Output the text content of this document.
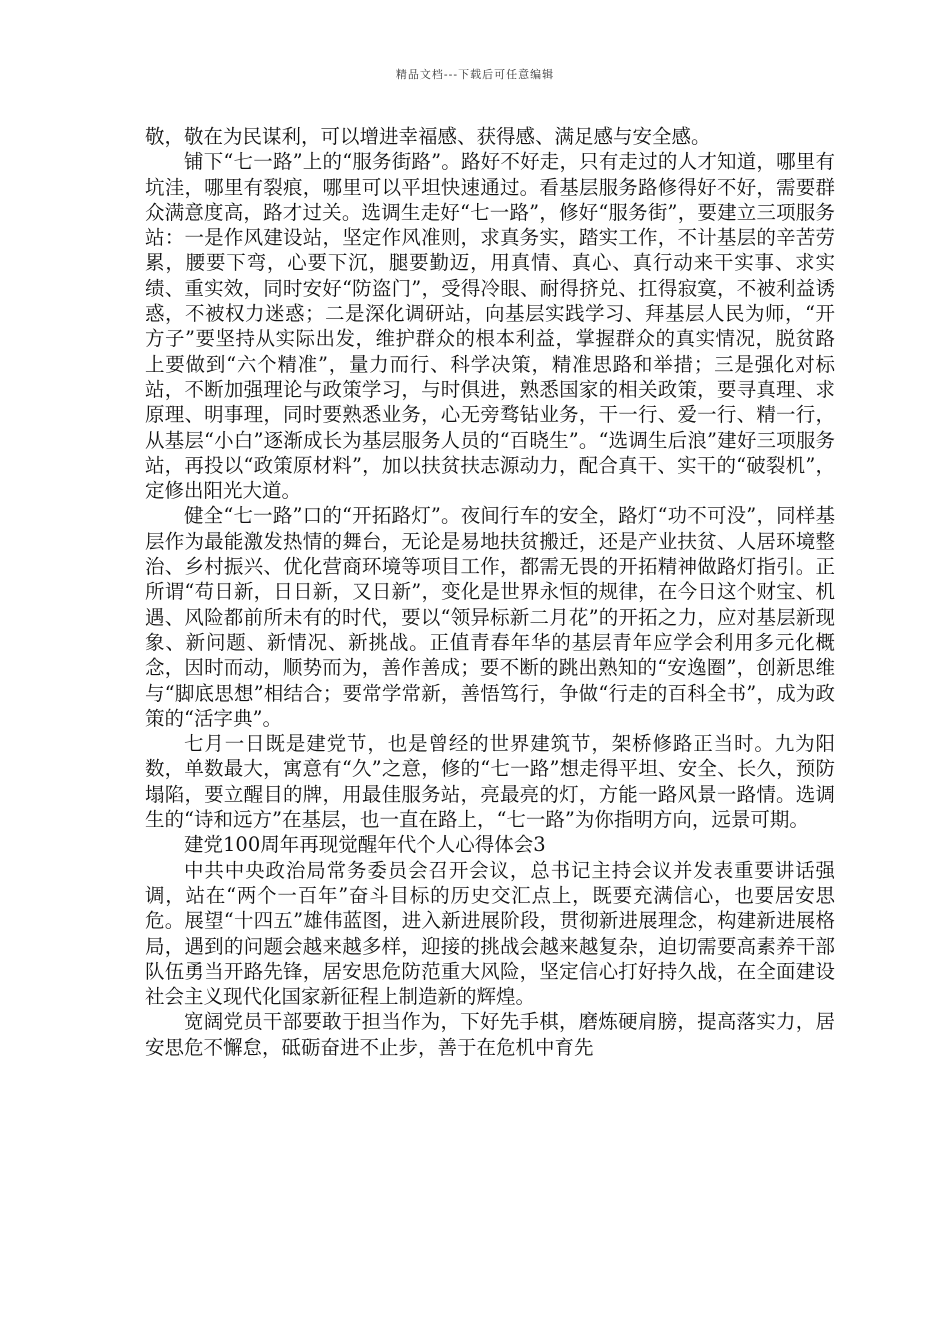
精品文档---下载后可任意编辑

敬，敬在为民谋利，可以增进幸福感、获得感、满足感与安全感。

铺下“七一路”上的“服务街路”。路好不好走，只有走过的人才知道，哪里有坑洼，哪里有裂痕，哪里可以平坦快速通过。看基层服务路修得好不好，需要群众满意度高，路才过关。选调生走好“七一路”，修好“服务街”，要建立三项服务站：一是作风建设站，坚定作风准则，求真务实，踏实工作，不计基层的辛苦劳累，腰要下弯，心要下沉，腿要勤迈，用真情、真心、真行动来干实事、求实绩、重实效，同时安好“防盗门”，受得冷眼、耐得挤兑、扛得寂寞，不被利益诱惑，不被权力迷惑；二是深化调研站，向基层实践学习、拜基层人民为师，“开方子”要坚持从实际出发，维护群众的根本利益，掌握群众的真实情况，脱贫路上要做到“六个精准”，量力而行、科学决策，精准思路和举措；三是强化对标站，不断加强理论与政策学习，与时俱进，熟悉国家的相关政策，要寻真理、求原理、明事理，同时要熟悉业务，心无旁骛钻业务，干一行、爱一行、精一行，从基层“小白”逐渐成长为基层服务人员的“百晓生”。“选调生后浪”建好三项服务站，再投以“政策原材料”，加以扶贫扶志源动力，配合真干、实干的“破裂机”，定修出阳光大道。

健全“七一路”口的“开拓路灯”。夜间行车的安全，路灯“功不可没”，同样基层作为最能激发热情的舞台，无论是易地扶贫搬迁，还是产业扶贫、人居环境整治、乡村振兴、优化营商环境等项目工作，都需无畏的开拓精神做路灯指引。正所谓“苟日新，日日新，又日新”，变化是世界永恒的规律，在今日这个财宝、机遇、风险都前所未有的时代，要以“领异标新二月花”的开拓之力，应对基层新现象、新问题、新情况、新挑战。正值青春年华的基层青年应学会利用多元化概念，因时而动，顺势而为，善作善成；要不断的跳出熟知的“安逸圈”，创新思维与“脚底思想”相结合；要常学常新，善悟笃行，争做“行走的百科全书”，成为政策的“活字典”。

七月一日既是建党节，也是曾经的世界建筑节，架桥修路正当时。九为阳数，单数最大，寓意有“久”之意，修的“七一路”想走得平坦、安全、长久，预防塌陷，要立醒目的牌，用最佳服务站，亮最亮的灯，方能一路风景一路情。选调生的“诗和远方”在基层，也一直在路上，“七一路”为你指明方向，远景可期。

建党100周年再现觉醒年代个人心得体会3

中共中央政治局常务委员会召开会议，总书记主持会议并发表重要讲话强调，站在“两个一百年”奋斗目标的历史交汇点上，既要充满信心，也要居安思危。展望“十四五”雄伟蓝图，进入新进展阶段，贯彻新进展理念，构建新进展格局，遇到的问题会越来越多样，迎接的挑战会越来越复杂，迫切需要高素养干部队伍勇当开路先锋，居安思危防范重大风险，坚定信心打好持久战，在全面建设社会主义现代化国家新征程上制造新的辉煌。

宽阔党员干部要敢于担当作为，下好先手棋，磨炼硬肩膀，提高落实力，居安思危不懈怠，砥砺奋进不止步，善于在危机中育先
